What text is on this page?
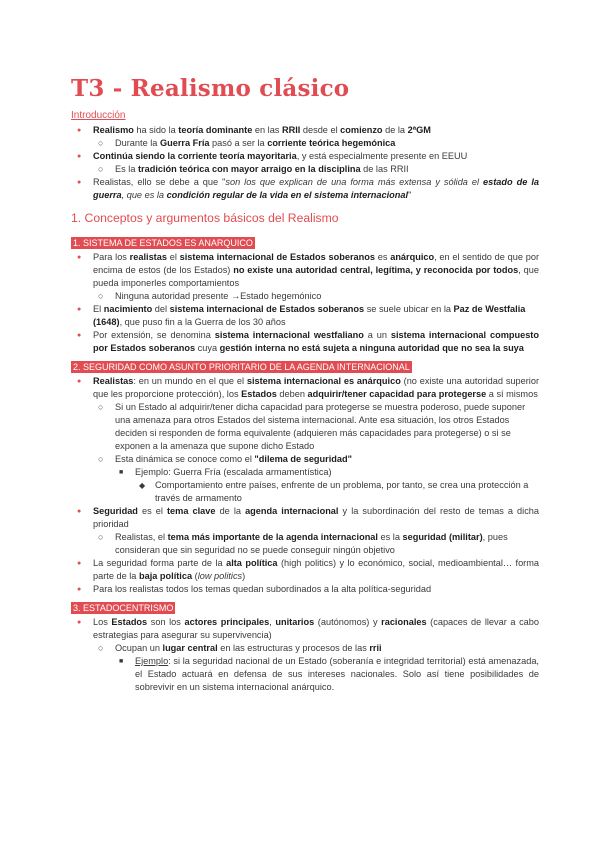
T3 - Realismo clásico
Introducción
● Realismo ha sido la teoría dominante en las RRII desde el comienzo de la 2ªGM
○ Durante la Guerra Fría pasó a ser la corriente teórica hegemónica
● Continúa siendo la corriente teoría mayoritaria, y está especialmente presente en EEUU
○ Es la tradición teórica con mayor arraigo en la disciplina de las RRII
● Realistas, ello se debe a que "son los que explican de una forma más extensa y sólida el estado de la guerra, que es la condición regular de la vida en el sistema internacional"
1. Conceptos y argumentos básicos del Realismo
1. SISTEMA DE ESTADOS ES ANARQUICO
● Para los realistas el sistema internacional de Estados soberanos es anárquico, en el sentido de que por encima de estos (de los Estados) no existe una autoridad central, legítima, y reconocida por todos, que pueda imponerles comportamientos
○ Ninguna autoridad presente →Estado hegemónico
● El nacimiento del sistema internacional de Estados soberanos se suele ubicar en la Paz de Westfalia (1648), que puso fin a la Guerra de los 30 años
● Por extensión, se denomina sistema internacional westfaliano a un sistema internacional compuesto por Estados soberanos cuya gestión interna no está sujeta a ninguna autoridad que no sea la suya
2. SEGURIDAD COMO ASUNTO PRIORITARIO DE LA AGENDA INTERNACIONAL
● Realistas: en un mundo en el que el sistema internacional es anárquico (no existe una autoridad superior que les proporcione protección), los Estados deben adquirir/tener capacidad para protegerse a sí mismos
○ Si un Estado al adquirir/tener dicha capacidad para protegerse se muestra poderoso, puede suponer una amenaza para otros Estados del sistema internacional. Ante esa situación, los otros Estados deciden si responden de forma equivalente (adquieren más capacidades para protegerse) o si se exponen a la amenaza que supone dicho Estado
○ Esta dinámica se conoce como el "dilema de seguridad"
■ Ejemplo: Guerra Fría (escalada armamentística)
◆ Comportamiento entre países, enfrente de un problema, por tanto, se crea una protección a través de armamento
● Seguridad es el tema clave de la agenda internacional y la subordinación del resto de temas a dicha prioridad
○ Realistas, el tema más importante de la agenda internacional es la seguridad (militar), pues consideran que sin seguridad no se puede conseguir ningún objetivo
● La seguridad forma parte de la alta política (high politics) y lo económico, social, medioambiental… forma parte de la baja política (low politics)
● Para los realistas todos los temas quedan subordinados a la alta política-seguridad
3. ESTADOCENTRISMO
● Los Estados son los actores principales, unitarios (autónomos) y racionales (capaces de llevar a cabo estrategias para asegurar su supervivencia)
○ Ocupan un lugar central en las estructuras y procesos de las rrii
■ Ejemplo: si la seguridad nacional de un Estado (soberanía e integridad territorial) está amenazada, el Estado actuará en defensa de sus intereses nacionales. Solo así tiene posibilidades de sobrevivir en un sistema internacional anárquico.
